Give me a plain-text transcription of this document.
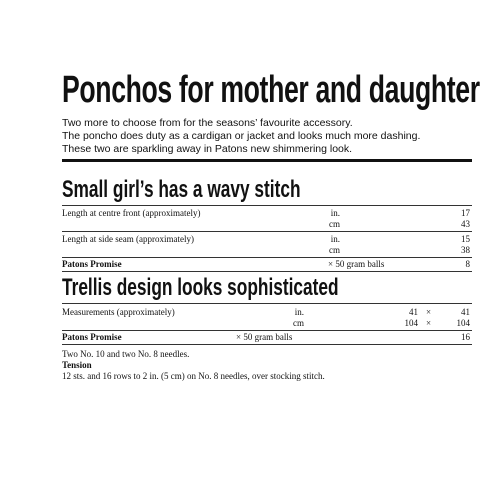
Ponchos for mother and daughter
Two more to choose from for the seasons’ favourite accessory.
The poncho does duty as a cardigan or jacket and looks much more dashing.
These two are sparkling away in Patons new shimmering look.
Small girl’s has a wavy stitch
Length at centre front (approximately)	in.	17
cm	43
Length at side seam (approximately)	in.	15
cm	38
Patons Promise	× 50 gram balls	8
Trellis design looks sophisticated
Measurements (approximately)	in.	41 ×	41
cm	104 ×	104
Patons Promise	× 50 gram balls	16
Two No. 10 and two No. 8 needles.
Tension
12 sts. and 16 rows to 2 in. (5 cm) on No. 8 needles, over stocking stitch.
